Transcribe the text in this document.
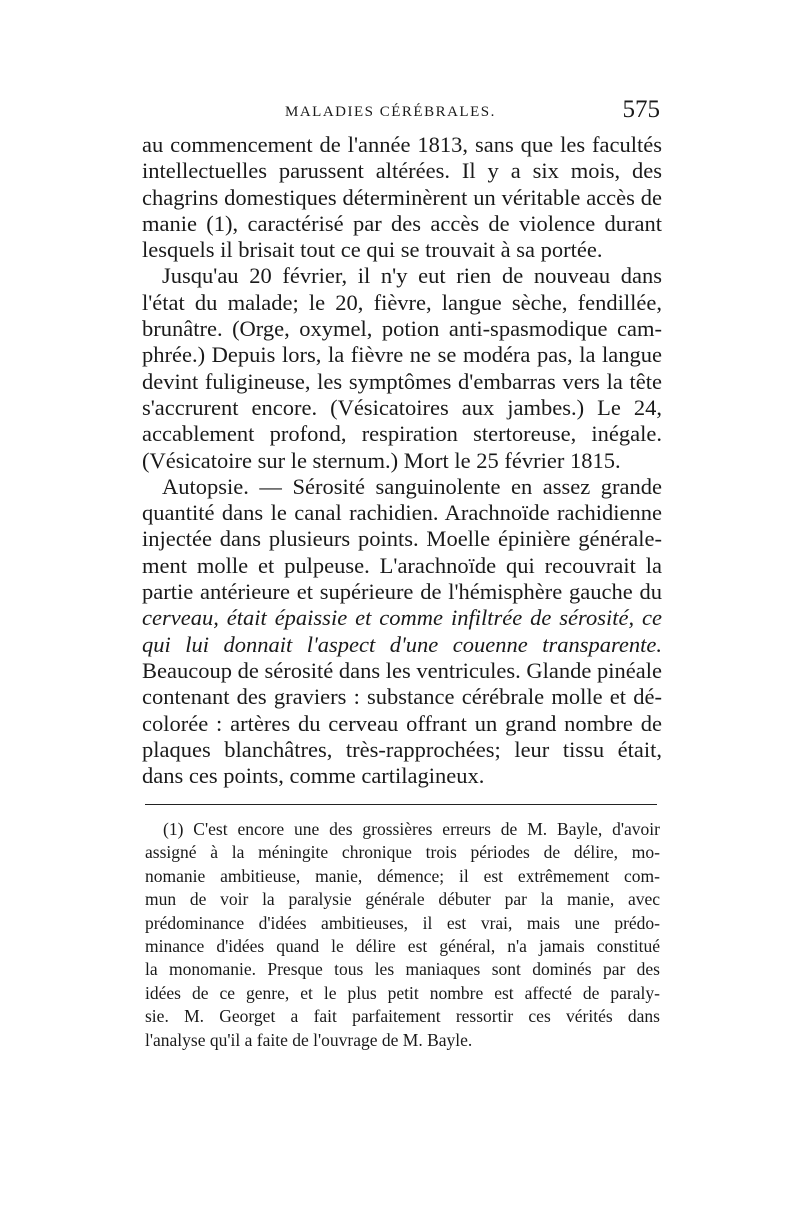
MALADIES CÉRÉBRALES.	575
au commencement de l'année 1813, sans que les facultés
intellectuelles parussent altérées. Il y a six mois, des
chagrins domestiques déterminèrent un véritable accès de
manie (1), caractérisé par des accès de violence durant
lesquels il brisait tout ce qui se trouvait à sa portée.
Jusqu'au 20 février, il n'y eut rien de nouveau dans
l'état du malade; le 20, fièvre, langue sèche, fendillée,
brunâtre. (Orge, oxymel, potion anti-spasmodique cam-
phrée.) Depuis lors, la fièvre ne se modéra pas, la langue
devint fuligineuse, les symptômes d'embarras vers la tête
s'accrurent encore. (Vésicatoires aux jambes.) Le 24,
accablement profond, respiration stertoreuse, inégale.
(Vésicatoire sur le sternum.) Mort le 25 février 1815.
Autopsie. — Sérosité sanguinolente en assez grande
quantité dans le canal rachidien. Arachnoïde rachidienne
injectée dans plusieurs points. Moelle épinière générale-
ment molle et pulpeuse. L'arachnoïde qui recouvrait la
partie antérieure et supérieure de l'hémisphère gauche du
cerveau, était épaissie et comme infiltrée de sérosité, ce
qui lui donnait l'aspect d'une couenne transparente.
Beaucoup de sérosité dans les ventricules. Glande pinéale
contenant des graviers : substance cérébrale molle et dé-
colorée : artères du cerveau offrant un grand nombre de
plaques blanchâtres, très-rapprochées; leur tissu était,
dans ces points, comme cartilagineux.
(1) C'est encore une des grossières erreurs de M. Bayle, d'avoir
assigné à la méningite chronique trois périodes de délire, mo-
nomanie ambitieuse, manie, démence; il est extrêmement com-
mun de voir la paralysie générale débuter par la manie, avec
prédominance d'idées ambitieuses, il est vrai, mais une prédo-
minance d'idées quand le délire est général, n'a jamais constitué
la monomanie. Presque tous les maniaques sont dominés par des
idées de ce genre, et le plus petit nombre est affecté de paraly-
sie. M. Georget a fait parfaitement ressortir ces vérités dans
l'analyse qu'il a faite de l'ouvrage de M. Bayle.
